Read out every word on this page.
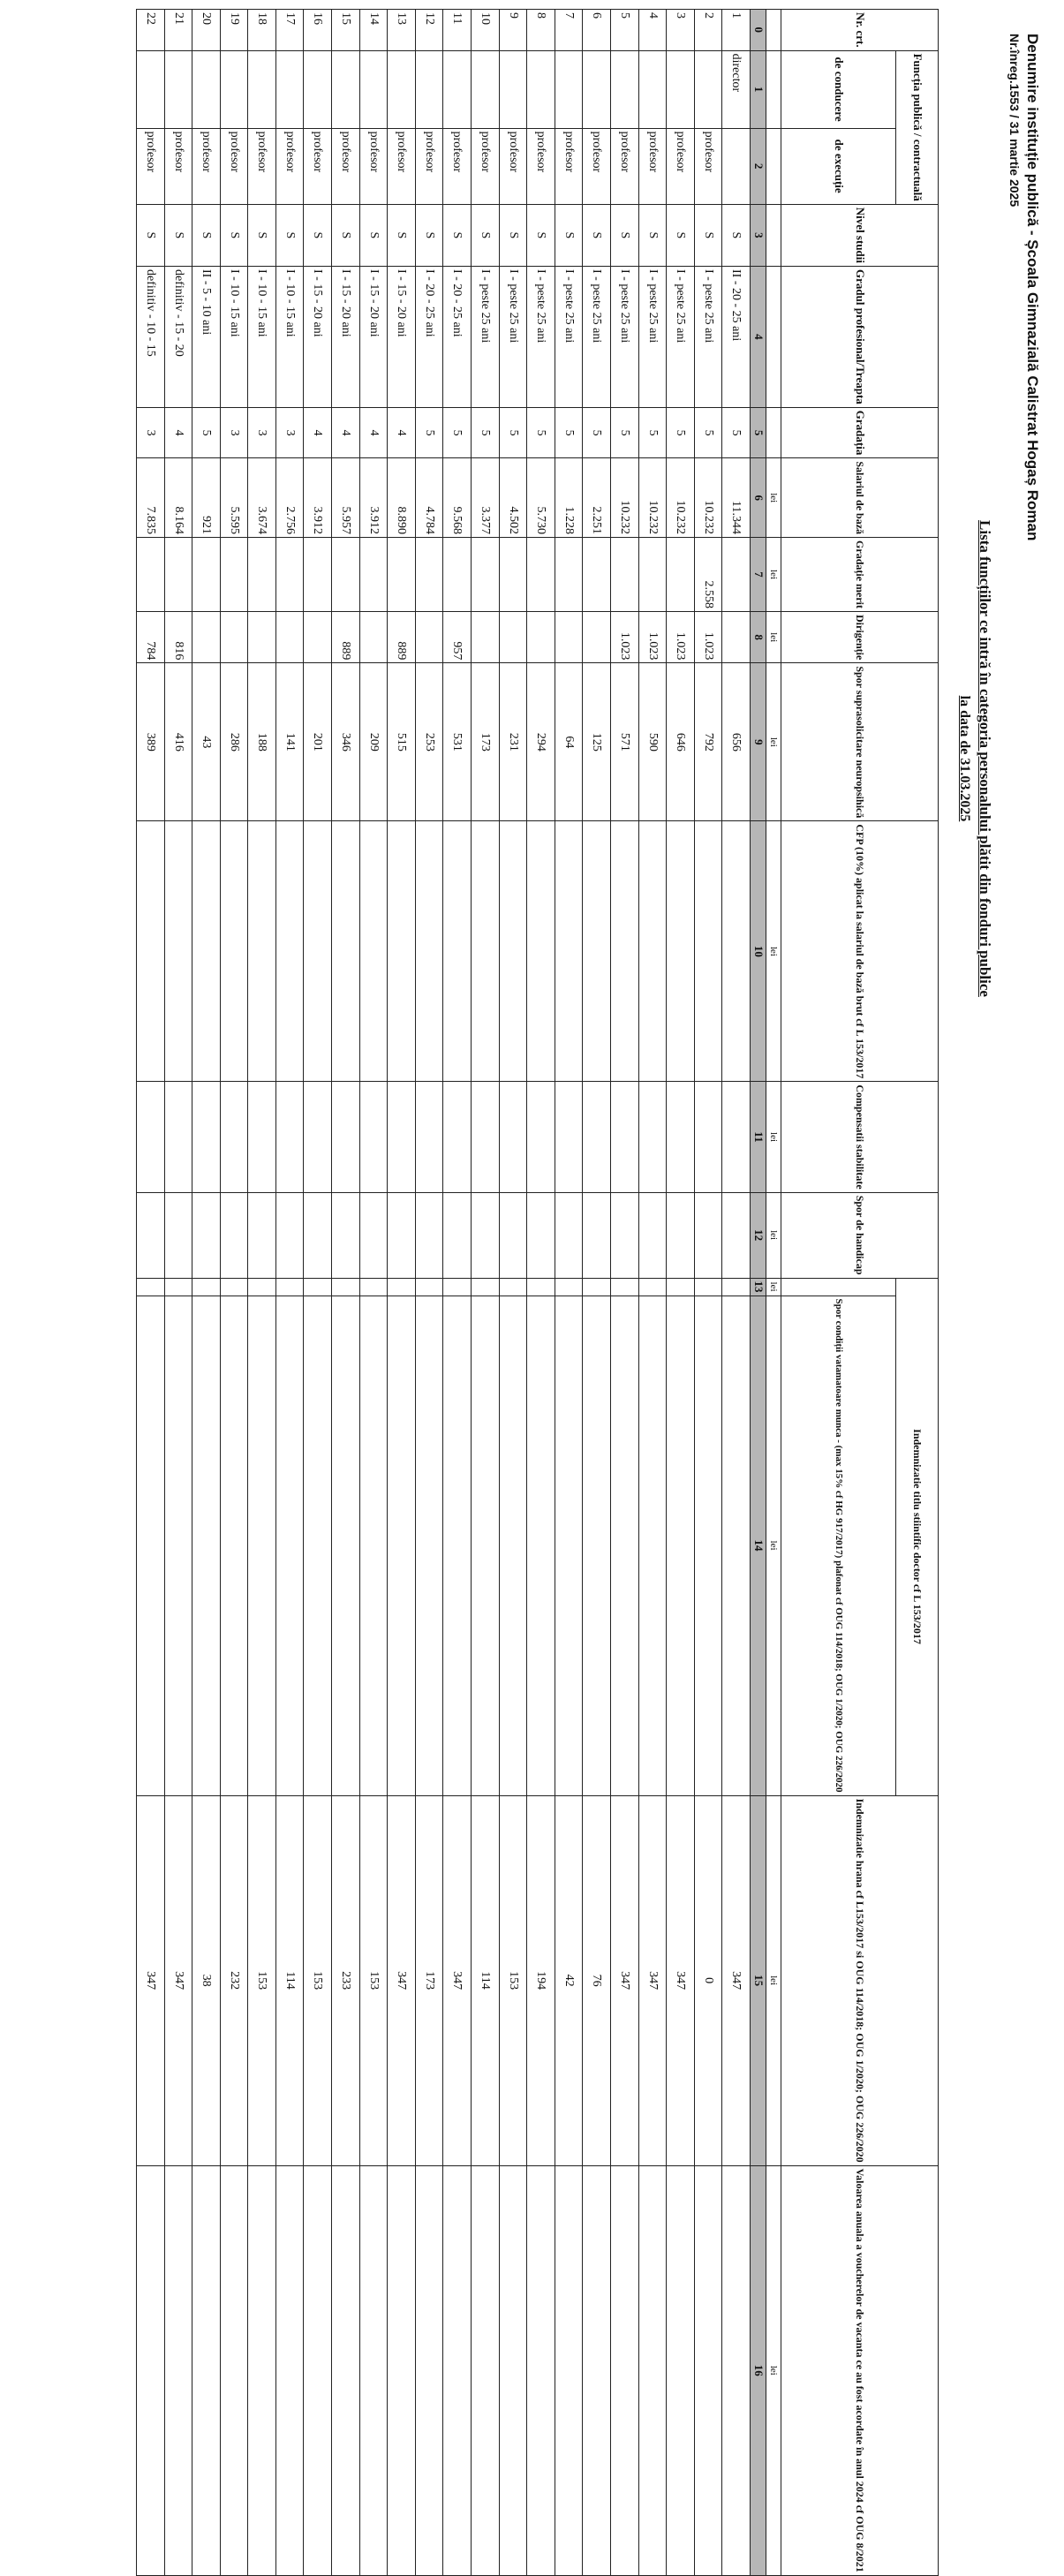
Denumire instituție publică - Școala Gimnazială Calistrat Hogaș Roman
Nr.înreg.1553 / 31 martie 2025
Lista funcțiilor ce intră în categoria personalului plătit din fonduri publice
la data de 31.03.2025
Nr. crt.	Funcția publică / contractuală		Nivel studii	Gradul profesional/Treapta	Gradația	Salariul de bază	Gradație merit	Dirigenție	Spor suprasolicitare neuropsihică	CFP (10%) aplicat la salariul de bază brut cf L 153/2017	Compensatii stabilitate	Spor de handicap	Indemnizatie titlu stiintific doctor cf L 153/2017		Indemnizatie hrana cf L153/2017 si OUG 114/2018; OUG 1/2020; OUG 226/2020	Valoarea anuala a voucherelor de vacanta ce au fost acordate în anul 2024 cf OUG 8/2021
	de conducere	de execuție												Spor condiții vatamatoare munca - (max 15% cf HG 917/2017) plafonat cf OUG 114/2018; OUG 1/2020; OUG 226/2020		
						lei	lei	lei	lei	lei	lei	lei	lei	lei	lei	lei
0	1	2	3	4	5	6	7	8	9	10	11	12	13	14	15	16
1	director		S	II - 20 - 25 ani	5	11.344			656						347	
2		profesor	S	I - peste 25 ani	5	10.232	2.558	1.023	792						0	
3		profesor	S	I - peste 25 ani	5	10.232		1.023	646						347	
4		profesor	S	I - peste 25 ani	5	10.232		1.023	590						347	
5		profesor	S	I - peste 25 ani	5	10.232		1.023	571						347	
6		profesor	S	I - peste 25 ani	5	2.251			125						76	
7		profesor	S	I - peste 25 ani	5	1.228			64						42	
8		profesor	S	I - peste 25 ani	5	5.730			294						194	
9		profesor	S	I - peste 25 ani	5	4.502			231						153	
10		profesor	S	I - peste 25 ani	5	3.377			173						114	
11		profesor	S	I - 20 - 25 ani	5	9.568		957	531						347	
12		profesor	S	I - 20 - 25 ani	5	4.784			253						173	
13		profesor	S	I - 15 - 20 ani	4	8.890		889	515						347	
14		profesor	S	I - 15 - 20 ani	4	3.912			209						153	
15		profesor	S	I - 15 - 20 ani	4	5.957		889	346						233	
16		profesor	S	I - 15 - 20 ani	4	3.912			201						153	
17		profesor	S	I - 10 - 15 ani	3	2.756			141						114	
18		profesor	S	I - 10 - 15 ani	3	3.674			188						153	
19		profesor	S	I - 10 - 15 ani	3	5.595			286						232	
20		profesor	S	II - 5 - 10 ani	5	921			43						38	
21		profesor	S	definitiv - 15 - 20	4	8.164		816	416						347	
22		profesor	S	definitiv - 10 - 15	3	7.835		784	389						347	
